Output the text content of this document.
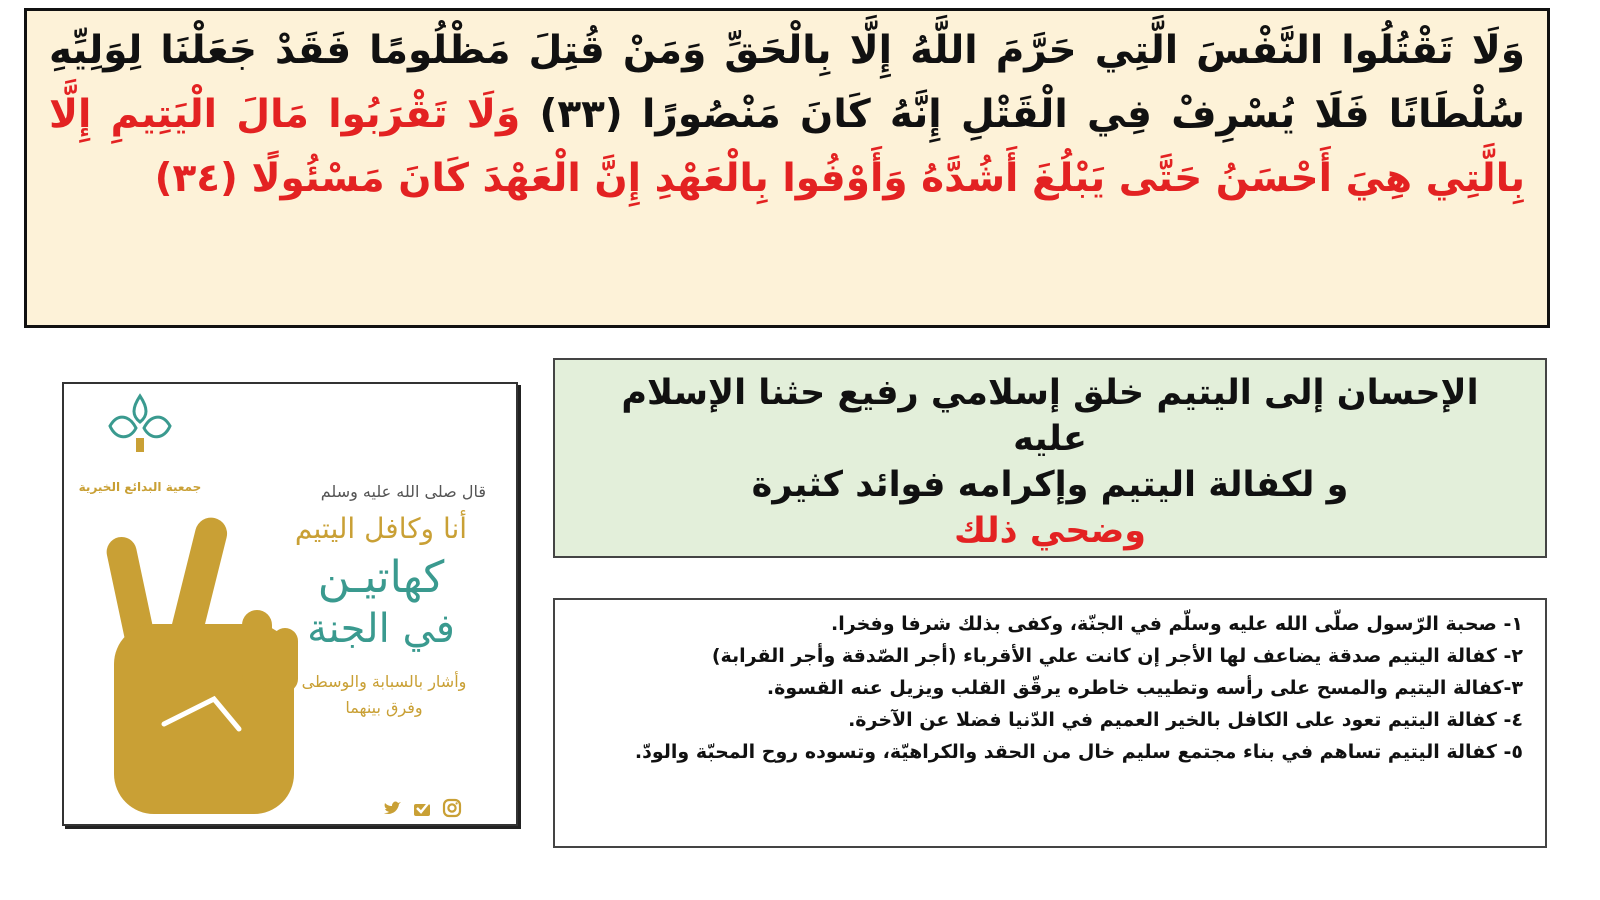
وَلَا تَقْتُلُوا النَّفْسَ الَّتِي حَرَّمَ اللَّهُ إِلَّا بِالْحَقِّ وَمَنْ قُتِلَ مَظْلُومًا فَقَدْ جَعَلْنَا لِوَلِيِّهِ سُلْطَانًا فَلَا يُسْرِفْ فِي الْقَتْلِ إِنَّهُ كَانَ مَنْصُورًا (٣٣) وَلَا تَقْرَبُوا مَالَ الْيَتِيمِ إِلَّا بِالَّتِي هِيَ أَحْسَنُ حَتَّى يَبْلُغَ أَشُدَّهُ وَأَوْفُوا بِالْعَهْدِ إِنَّ الْعَهْدَ كَانَ مَسْئُولًا (٣٤)
جمعية البدائع الخيرية	قال صلى الله عليه وسلم
أنا وكافل اليتيم
كهاتيـن
في الجنة
وأشار بالسبابة والوسطى
وفرق بينهما
الإحسان إلى اليتيم خلق إسلامي رفيع حثنا الإسلام عليه
و لكفالة اليتيم وإكرامه فوائد كثيرة
وضحي ذلك
١- صحبة الرّسول صلّى الله عليه وسلّم في الجنّة، وكفى بذلك شرفا وفخرا.
٢- كفالة اليتيم صدقة يضاعف لها الأجر إن كانت علي الأقرباء (أجر الصّدقة وأجر القرابة)
٣-كفالة اليتيم والمسح على رأسه وتطييب خاطره يرقّق القلب ويزيل عنه القسوة.
٤- كفالة اليتيم تعود على الكافل بالخير العميم في الدّنيا فضلا عن الآخرة.
٥- كفالة اليتيم تساهم في بناء مجتمع سليم خال من الحقد والكراهيّة، وتسوده روح المحبّة والودّ.
